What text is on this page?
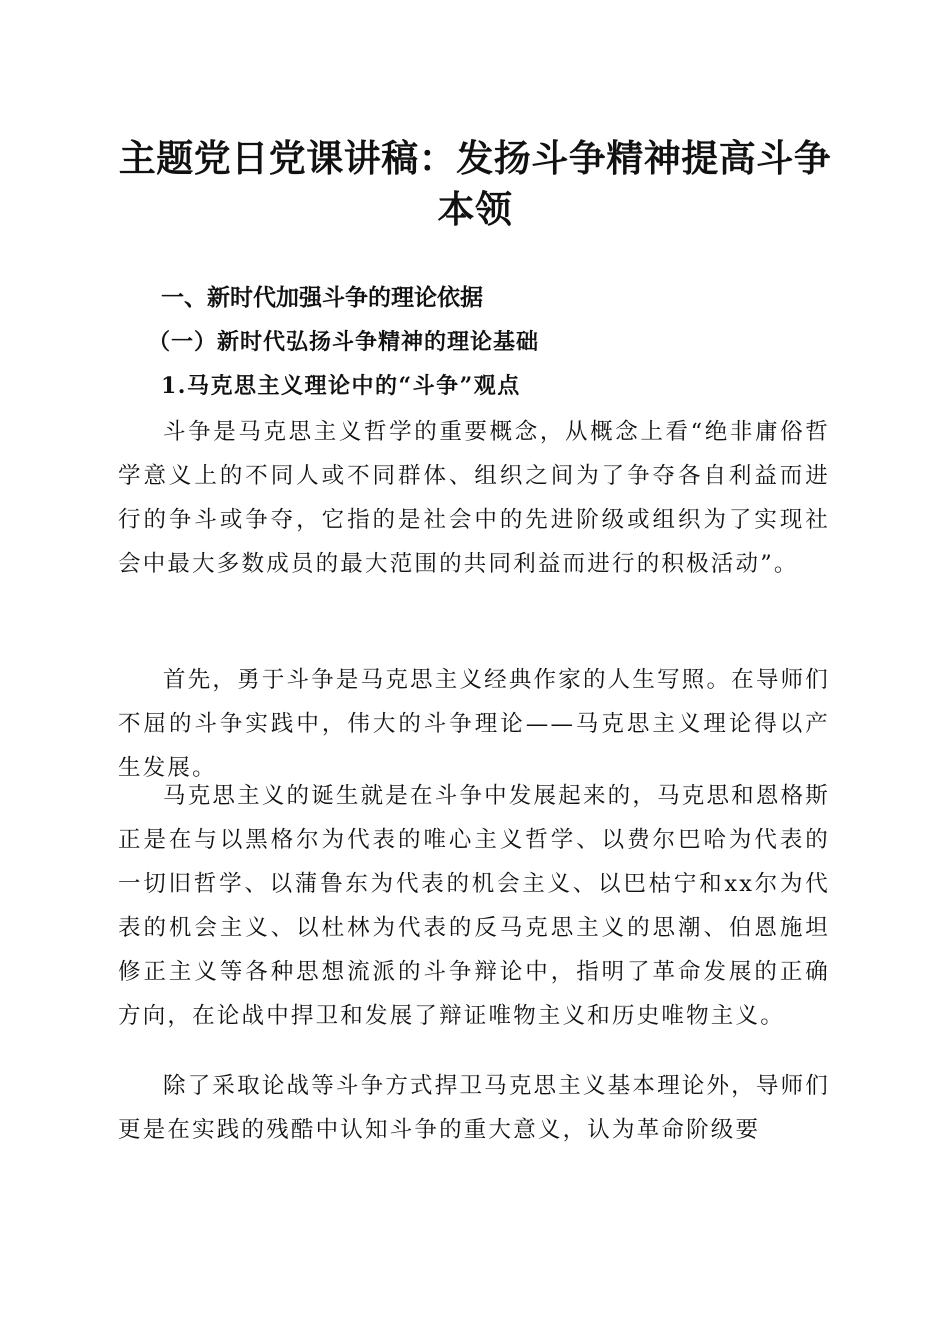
主题党日党课讲稿：发扬斗争精神提高斗争本领
一、新时代加强斗争的理论依据
（一）新时代弘扬斗争精神的理论基础
1.马克思主义理论中的“斗争”观点

斗争是马克思主义哲学的重要概念，从概念上看“绝非庸俗哲学意义上的不同人或不同群体、组织之间为了争夺各自利益而进行的争斗或争夺，它指的是社会中的先进阶级或组织为了实现社会中最大多数成员的最大范围的共同利益而进行的积极活动”。

首先，勇于斗争是马克思主义经典作家的人生写照。在导师们不屈的斗争实践中，伟大的斗争理论——马克思主义理论得以产生发展。

马克思主义的诞生就是在斗争中发展起来的，马克思和恩格斯正是在与以黑格尔为代表的唯心主义哲学、以费尔巴哈为代表的一切旧哲学、以蒲鲁东为代表的机会主义、以巴枯宁和xx尔为代表的机会主义、以杜林为代表的反马克思主义的思潮、伯恩施坦修正主义等各种思想流派的斗争辩论中，指明了革命发展的正确方向，在论战中捍卫和发展了辩证唯物主义和历史唯物主义。

除了采取论战等斗争方式捍卫马克思主义基本理论外，导师们更是在实践的残酷中认知斗争的重大意义，认为革命阶级要
